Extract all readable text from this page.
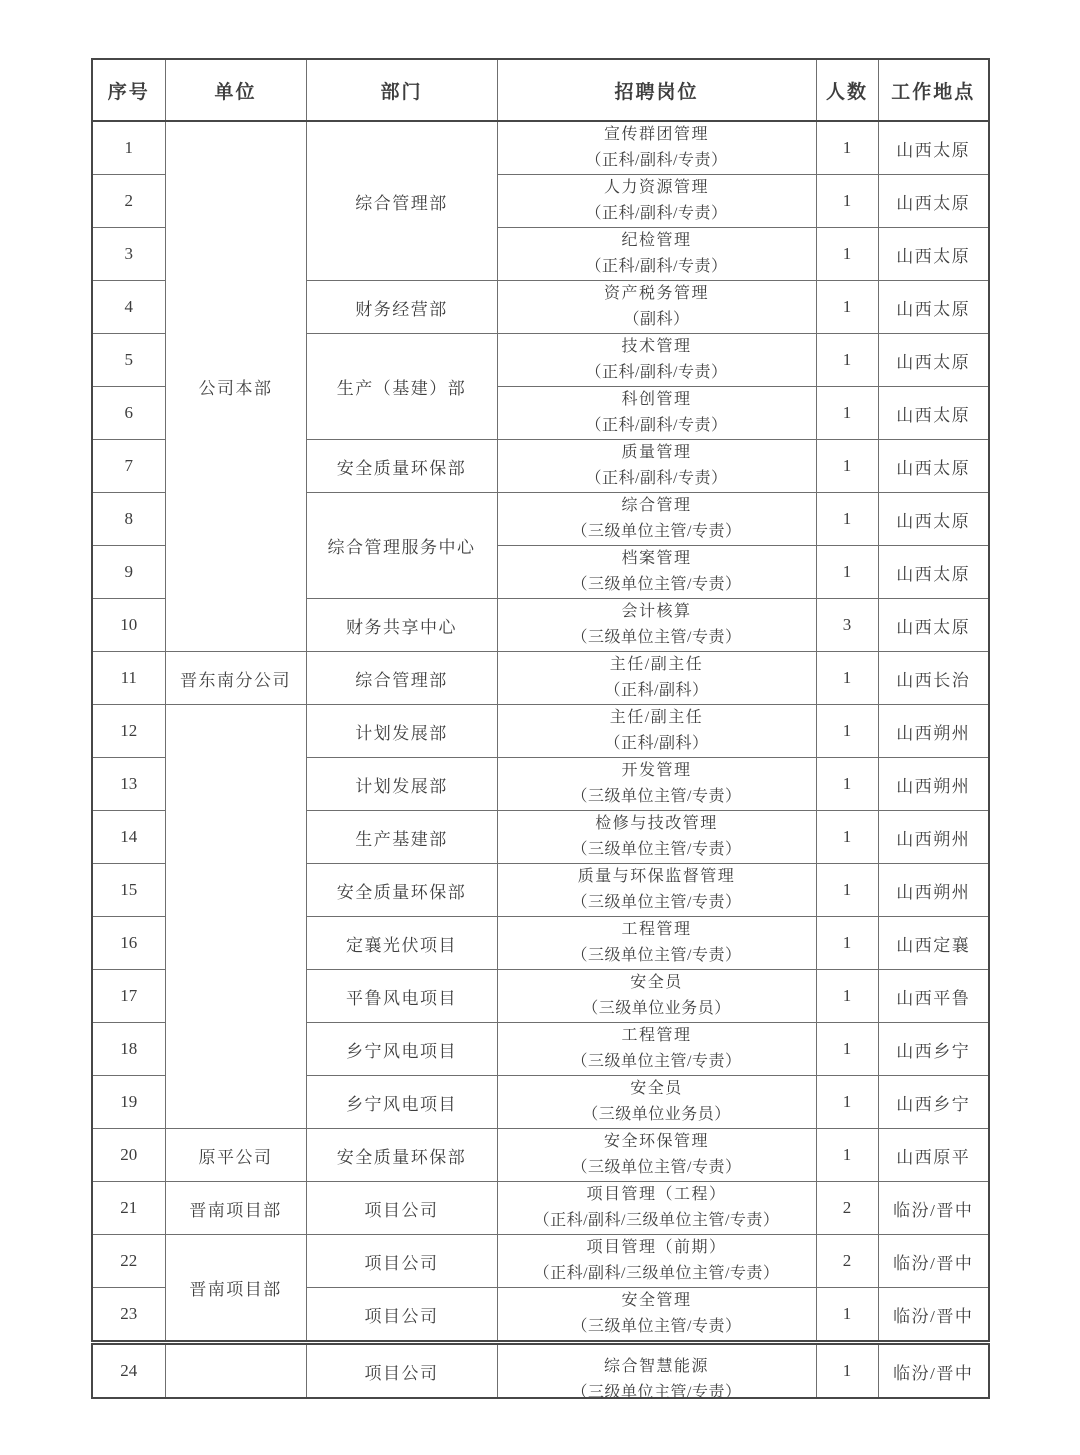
序号	单位	部门	招聘岗位	人数	工作地点
1	公司本部	综合管理部	宣传群团管理
（正科/副科/专责）	1	山西太原
2			人力资源管理
（正科/副科/专责）	1	山西太原
3			纪检管理
（正科/副科/专责）	1	山西太原
4		财务经营部	资产税务管理
（副科）	1	山西太原
5		生产（基建）部	技术管理
（正科/副科/专责）	1	山西太原
6			科创管理
（正科/副科/专责）	1	山西太原
7		安全质量环保部	质量管理
（正科/副科/专责）	1	山西太原
8		综合管理服务中心	综合管理
（三级单位主管/专责）	1	山西太原
9			档案管理
（三级单位主管/专责）	1	山西太原
10		财务共享中心	会计核算
（三级单位主管/专责）	3	山西太原
11	晋东南分公司	综合管理部	主任/副主任
（正科/副科）	1	山西长治
12		计划发展部	主任/副主任
（正科/副科）	1	山西朔州
13		计划发展部	开发管理
（三级单位主管/专责）	1	山西朔州
14		生产基建部	检修与技改管理
（三级单位主管/专责）	1	山西朔州
15		安全质量环保部	质量与环保监督管理
（三级单位主管/专责）	1	山西朔州
16		定襄光伏项目	工程管理
（三级单位主管/专责）	1	山西定襄
17		平鲁风电项目	安全员
（三级单位业务员）	1	山西平鲁
18		乡宁风电项目	工程管理
（三级单位主管/专责）	1	山西乡宁
19		乡宁风电项目	安全员
（三级单位业务员）	1	山西乡宁
20	原平公司	安全质量环保部	安全环保管理
（三级单位主管/专责）	1	山西原平
21	晋南项目部	项目公司	项目管理（工程）
（正科/副科/三级单位主管/专责）	2	临汾/晋中
22	晋南项目部	项目公司	项目管理（前期）
（正科/副科/三级单位主管/专责）	2	临汾/晋中
23		项目公司	安全管理
（三级单位主管/专责）	1	临汾/晋中
24		项目公司	综合智慧能源
（三级单位主管/专责）
	1	临汾/晋中
